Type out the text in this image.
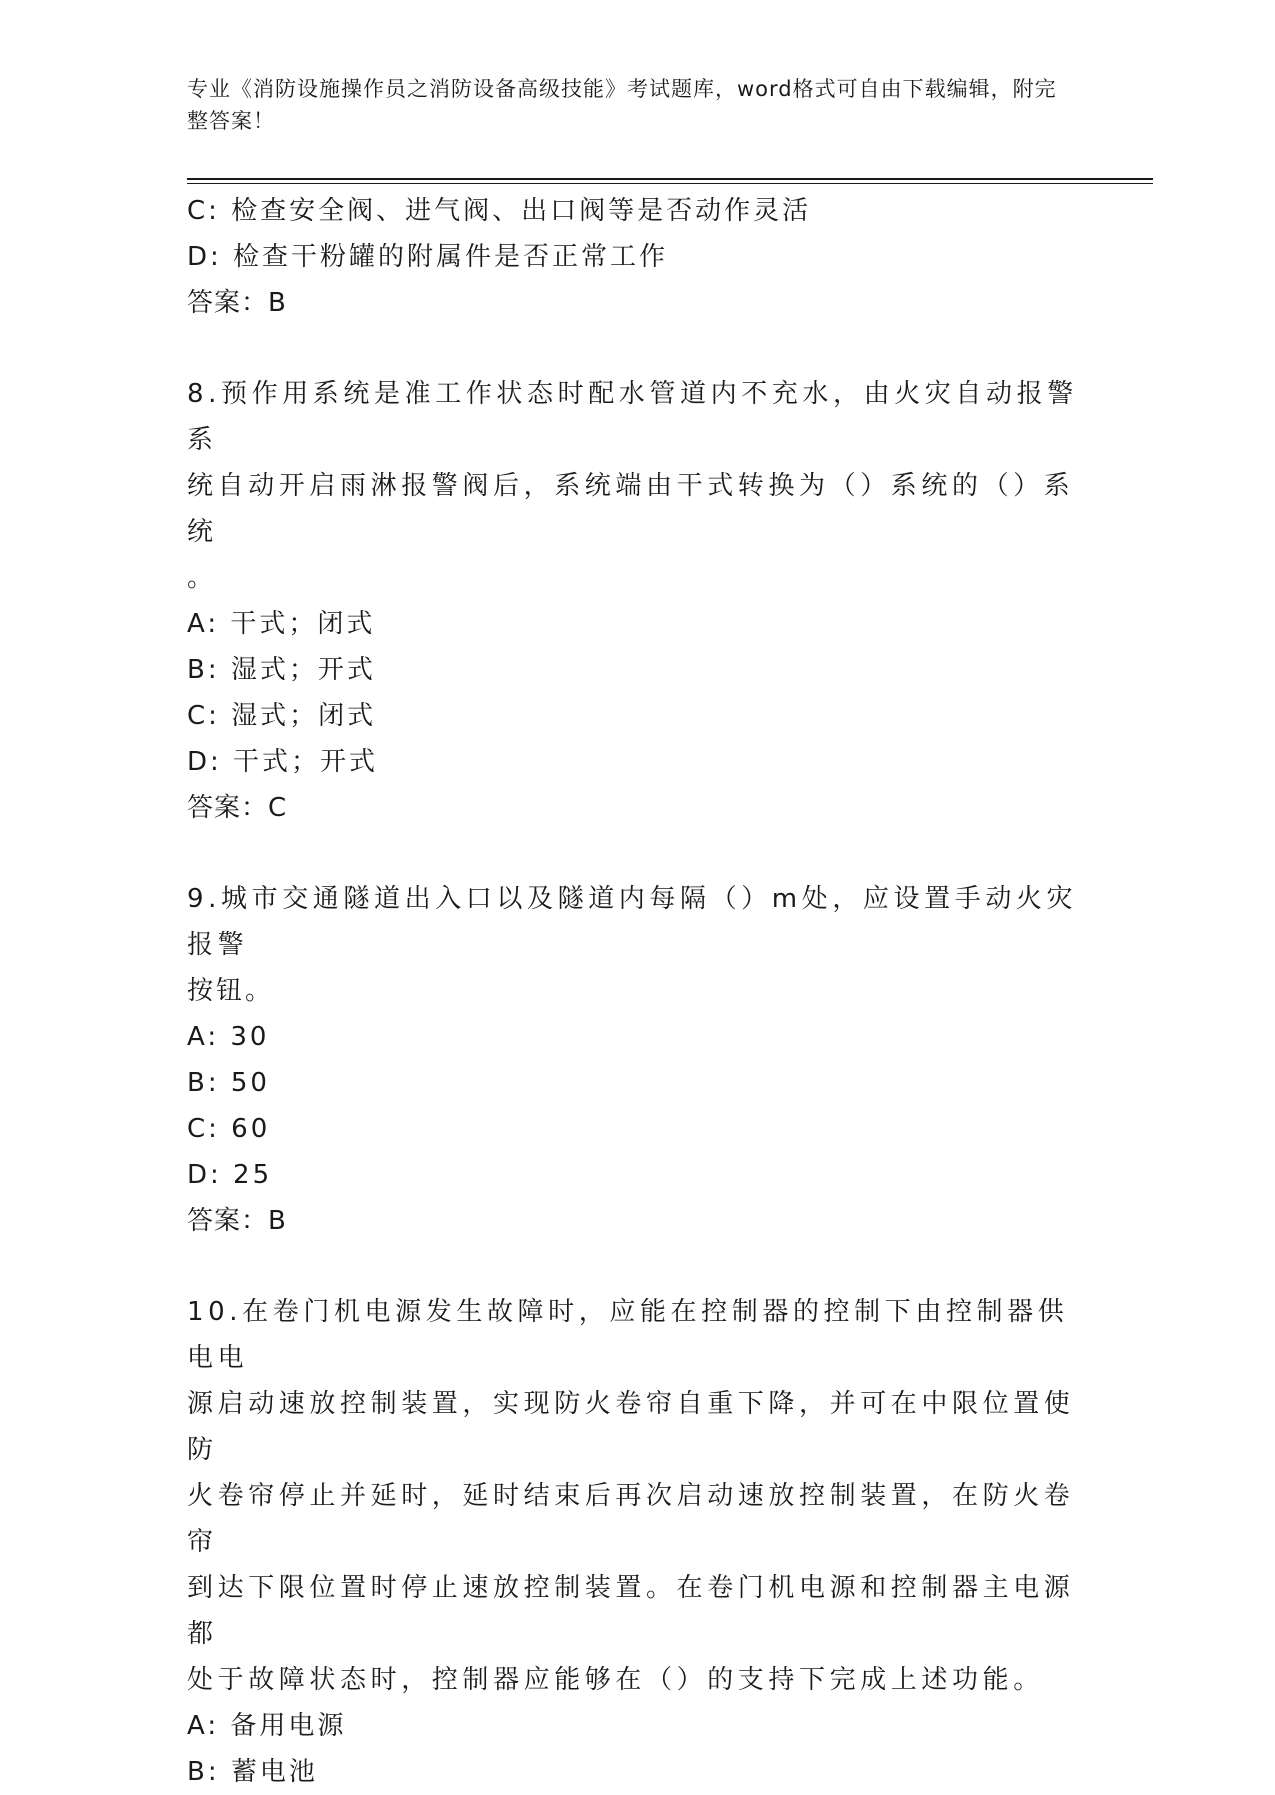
专业《消防设施操作员之消防设备高级技能》考试题库，word格式可自由下载编辑，附完整答案！
C: 检查安全阀、进气阀、出口阀等是否动作灵活
D: 检查干粉罐的附属件是否正常工作
答案：B
8.预作用系统是准工作状态时配水管道内不充水，由火灾自动报警系
统自动开启雨淋报警阀后，系统端由干式转换为（）系统的（）系统
。
A: 干式；闭式
B: 湿式；开式
C: 湿式；闭式
D: 干式；开式
答案：C
9.城市交通隧道出入口以及隧道内每隔（）m处，应设置手动火灾报警
按钮。
A: 30
B: 50
C: 60
D: 25
答案：B
10.在卷门机电源发生故障时，应能在控制器的控制下由控制器供电电
源启动速放控制装置，实现防火卷帘自重下降，并可在中限位置使防
火卷帘停止并延时，延时结束后再次启动速放控制装置，在防火卷帘
到达下限位置时停止速放控制装置。在卷门机电源和控制器主电源都
处于故障状态时，控制器应能够在（）的支持下完成上述功能。
A: 备用电源
B: 蓄电池
